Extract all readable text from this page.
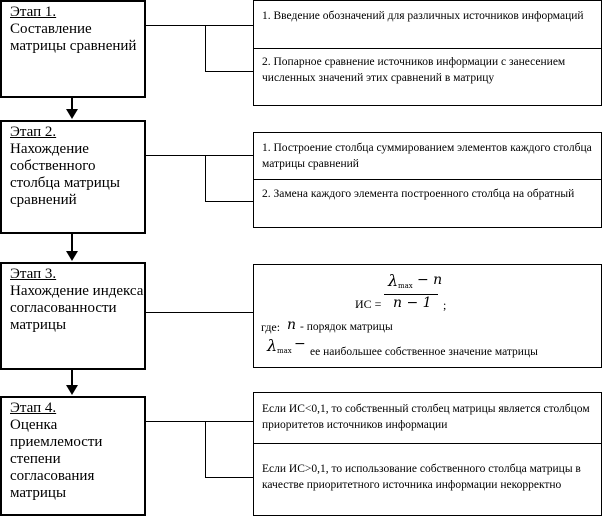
Этап 1.
Составление матрицы сравнений
Этап 2.
Нахождение собственного столбца матрицы сравнений
Этап 3.
Нахождение индекса согласованности матрицы
Этап 4.
Оценка приемлемости степени согласования матрицы
1. Введение обозначений для различных источников информаций
2. Попарное сравнение источников информации с занесением численных значений этих сравнений в матрицу
1. Построение столбца суммированием элементов каждого столбца матрицы сравнений
2. Замена каждого элемента построенного столбца на обратный
λ max − n
ИС = n − 1 ;
где: n - порядок матрицы
λ max − ее наибольшее собственное значение матрицы
Если ИС<0,1, то собственный столбец матрицы является столбцом приоритетов источников информации
Если ИС>0,1, то использование собственного столбца матрицы в качестве приоритетного источника информации некорректно
